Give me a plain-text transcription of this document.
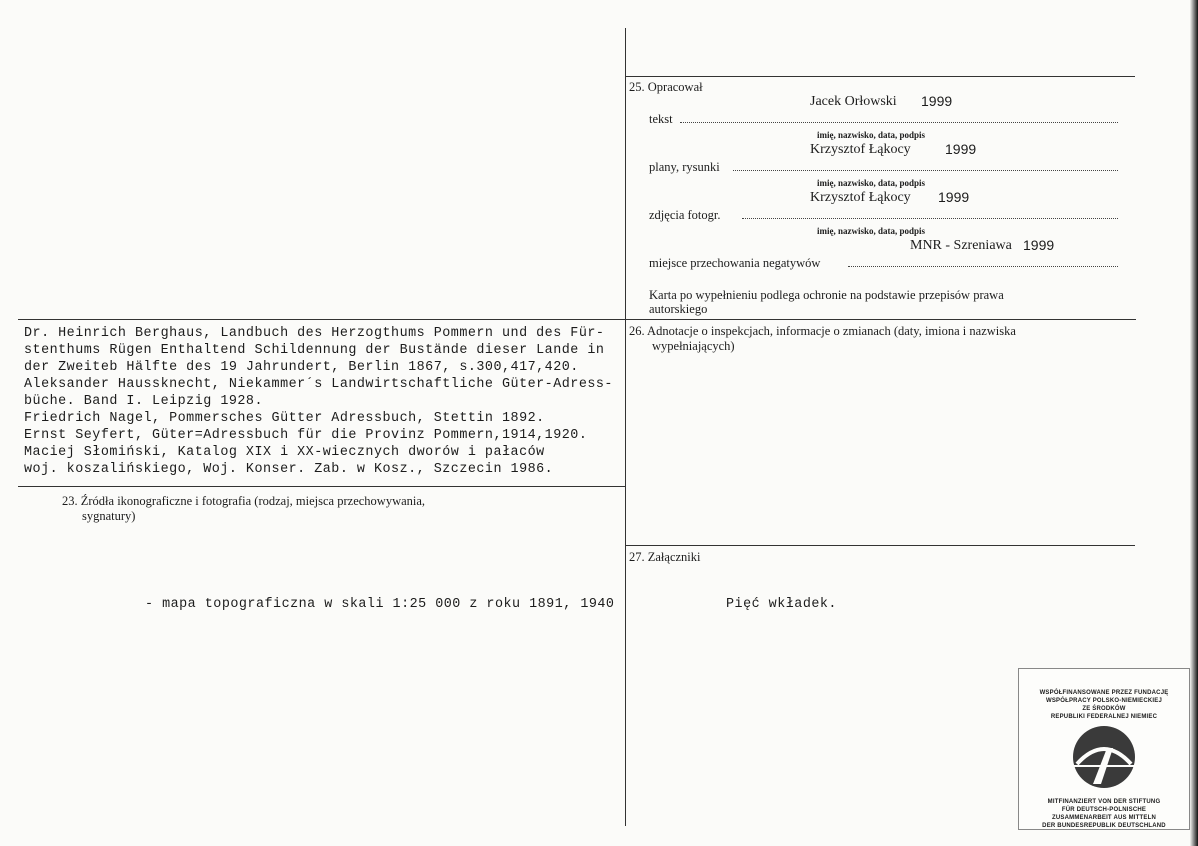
25. Opracował
Jacek Orłowski 1999
tekst
imię, nazwisko, data, podpis
Krzysztof Łąkocy 1999
plany, rysunki
imię, nazwisko, data, podpis
Krzysztof Łąkocy 1999
zdjęcia fotogr.
imię, nazwisko, data, podpis
MNR - Szreniawa 1999
miejsce przechowania negatywów
Karta po wypełnieniu podlega ochronie na podstawie przepisów prawa
autorskiego
Dr. Heinrich Berghaus, Landbuch des Herzogthums Pommern und des Für-
stenthums Rügen Enthaltend Schildennung der Bustände dieser Lande in
der Zweiteb Hälfte des 19 Jahrundert, Berlin 1867, s.300,417,420.
Aleksander Haussknecht, Niekammer´s Landwirtschaftliche Güter-Adress-
büche. Band I. Leipzig 1928.
Friedrich Nagel, Pommersches Gütter Adressbuch, Stettin 1892.
Ernst Seyfert, Güter=Adressbuch für die Provinz Pommern,1914,1920.
Maciej Słomiński, Katalog XIX i XX-wiecznych dworów i pałaców
woj. koszalińskiego, Woj. Konser. Zab. w Kosz., Szczecin 1986.
26. Adnotacje o inspekcjach, informacje o zmianach (daty, imiona i nazwiska
wypełniających)
23. Źródła ikonograficzne i fotografia (rodzaj, miejsca przechowywania,
sygnatury)
- mapa topograficzna w skali 1:25 000 z roku 1891, 1940
27. Załączniki
Pięć wkładek.
WSPÓŁFINANSOWANE PRZEZ FUNDACJĘ
WSPÓŁPRACY POLSKO-NIEMIECKIEJ
ZE ŚRODKÓW
REPUBLIKI FEDERALNEJ NIEMIEC
MITFINANZIERT VON DER STIFTUNG
FÜR DEUTSCH-POLNISCHE
ZUSAMMENARBEIT AUS MITTELN
DER BUNDESREPUBLIK DEUTSCHLAND
